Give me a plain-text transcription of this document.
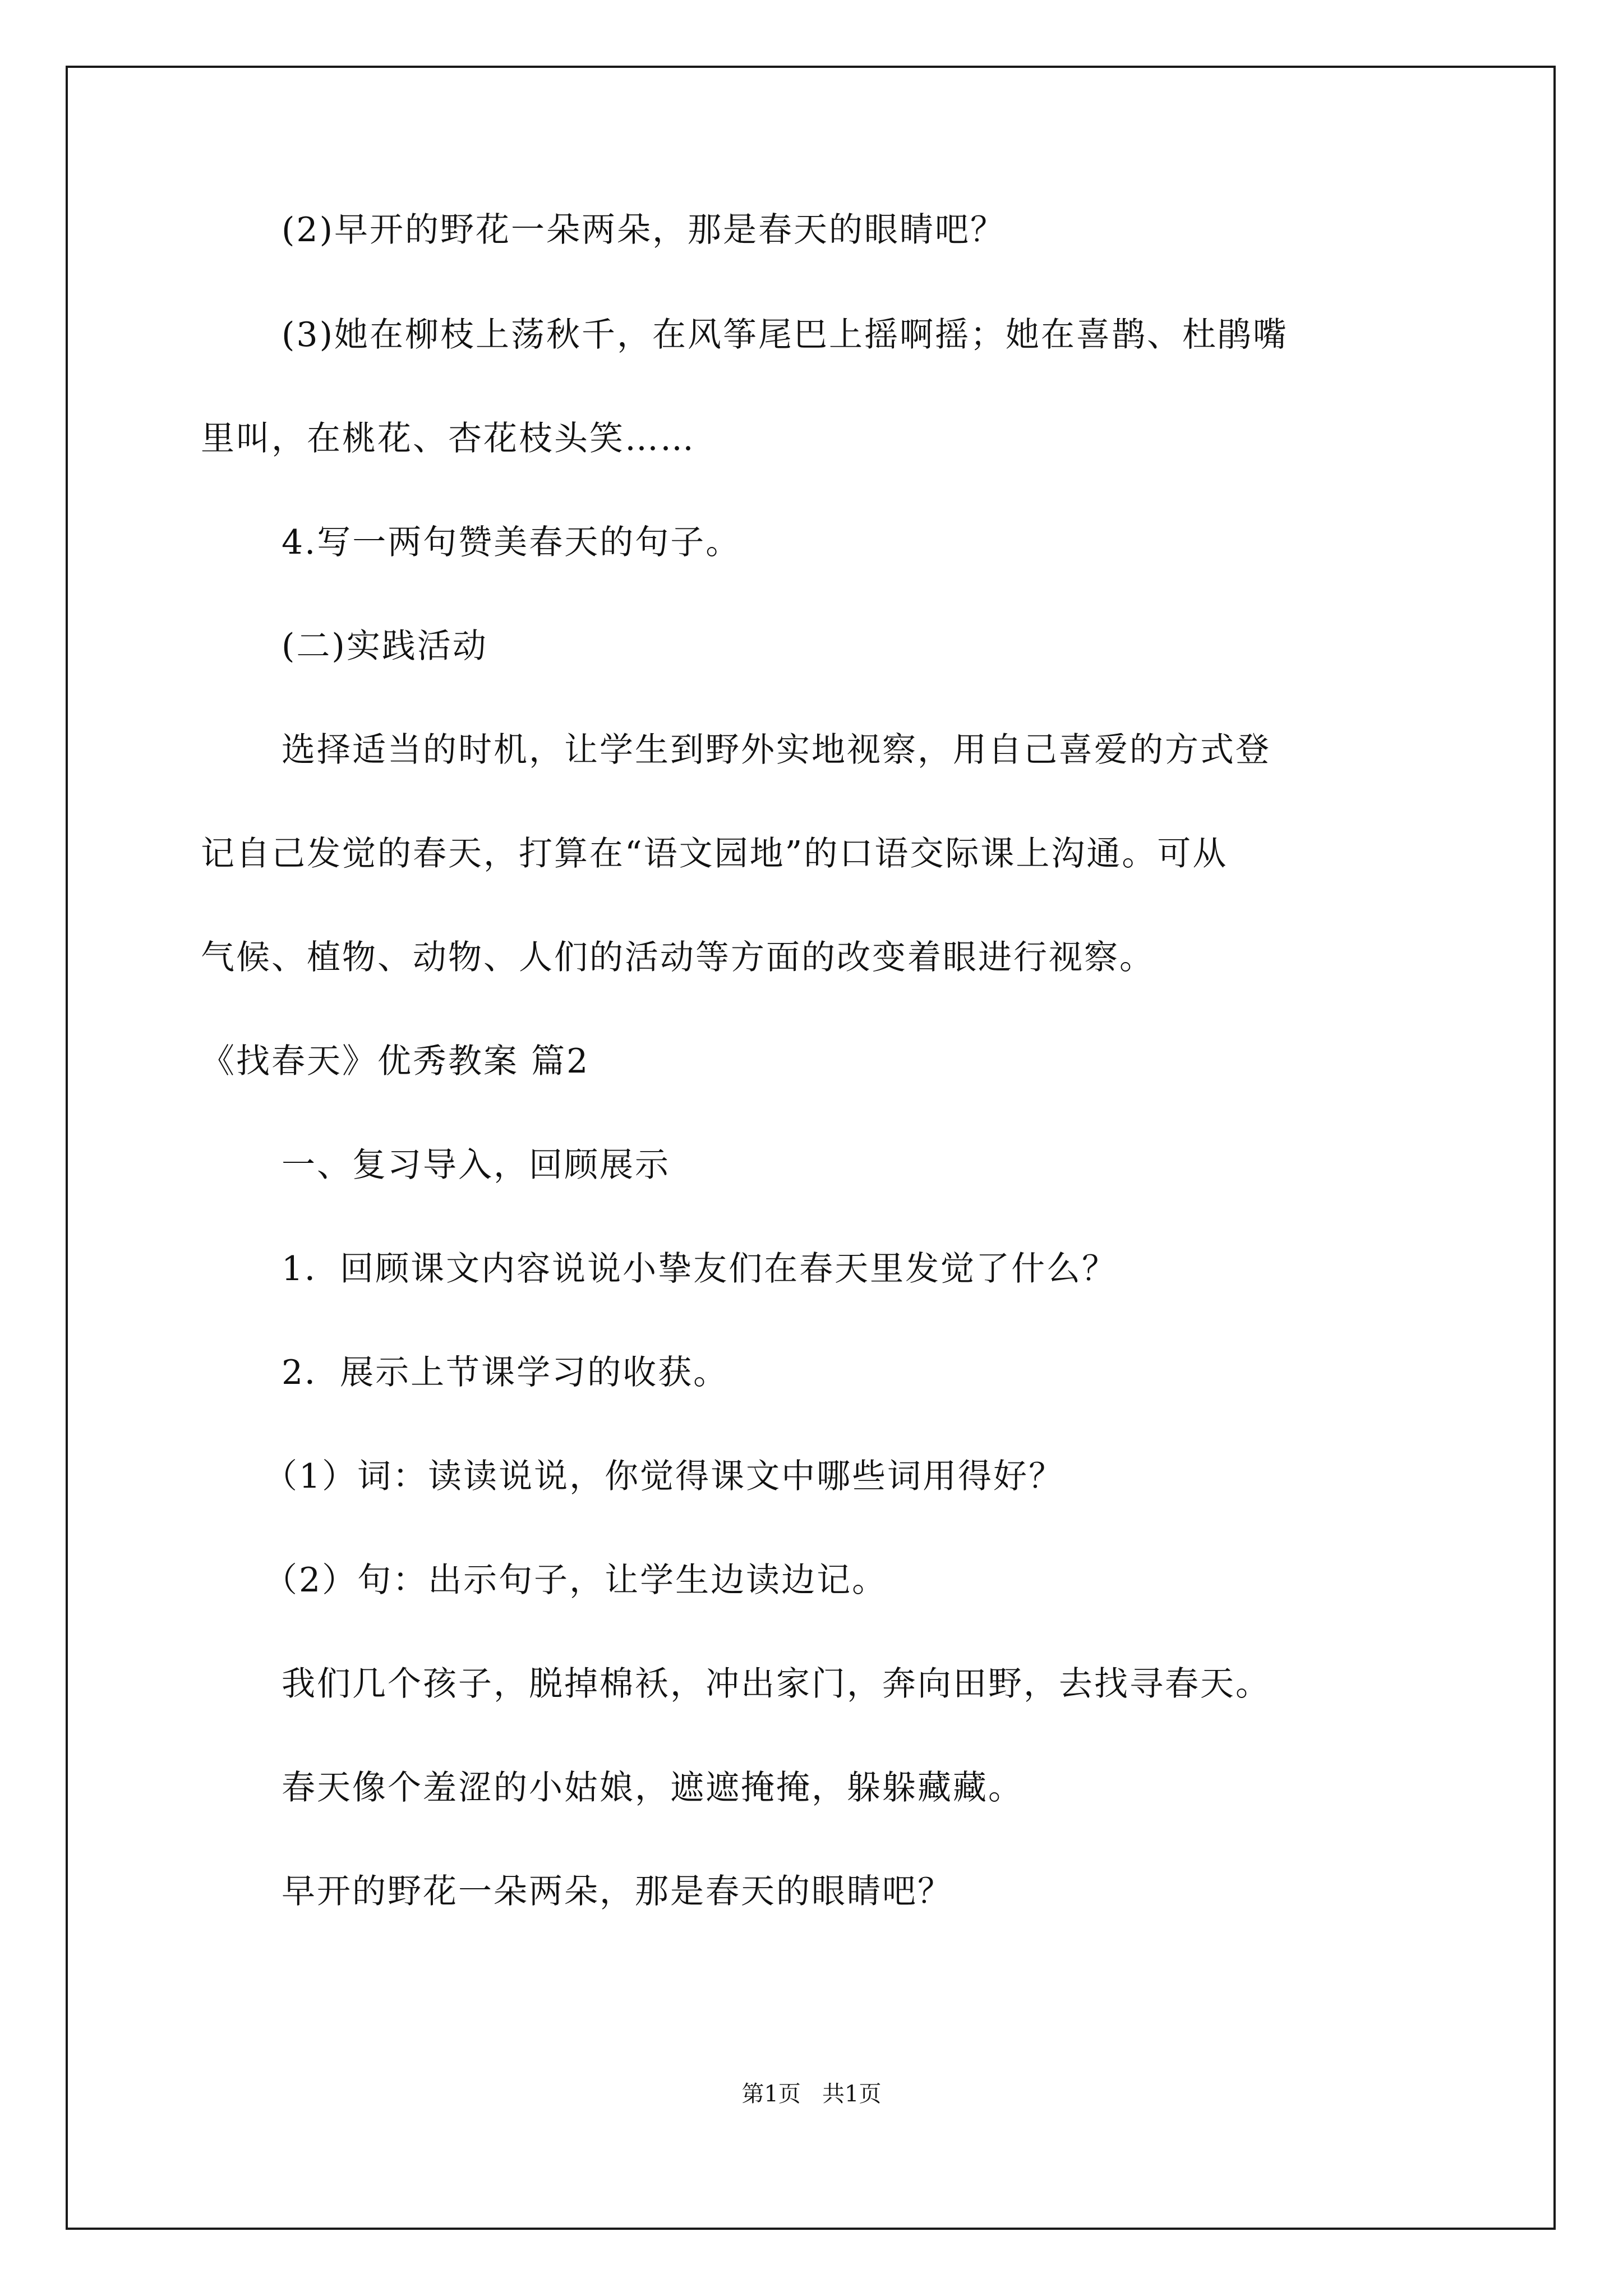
(2)早开的野花一朵两朵，那是春天的眼睛吧？
(3)她在柳枝上荡秋千，在风筝尾巴上摇啊摇；她在喜鹊、杜鹃嘴
里叫，在桃花、杏花枝头笑……
4.写一两句赞美春天的句子。
(二)实践活动
选择适当的时机，让学生到野外实地视察，用自己喜爱的方式登
记自己发觉的春天，打算在“语文园地”的口语交际课上沟通。可从
气候、植物、动物、人们的活动等方面的改变着眼进行视察。
《找春天》优秀教案 篇2
一、复习导入，回顾展示
1．回顾课文内容说说小挚友们在春天里发觉了什么？
2．展示上节课学习的收获。
（1）词：读读说说，你觉得课文中哪些词用得好？
（2）句：出示句子，让学生边读边记。
我们几个孩子，脱掉棉袄，冲出家门，奔向田野，去找寻春天。
春天像个羞涩的小姑娘，遮遮掩掩，躲躲藏藏。
早开的野花一朵两朵，那是春天的眼睛吧？
第1页   共1页
